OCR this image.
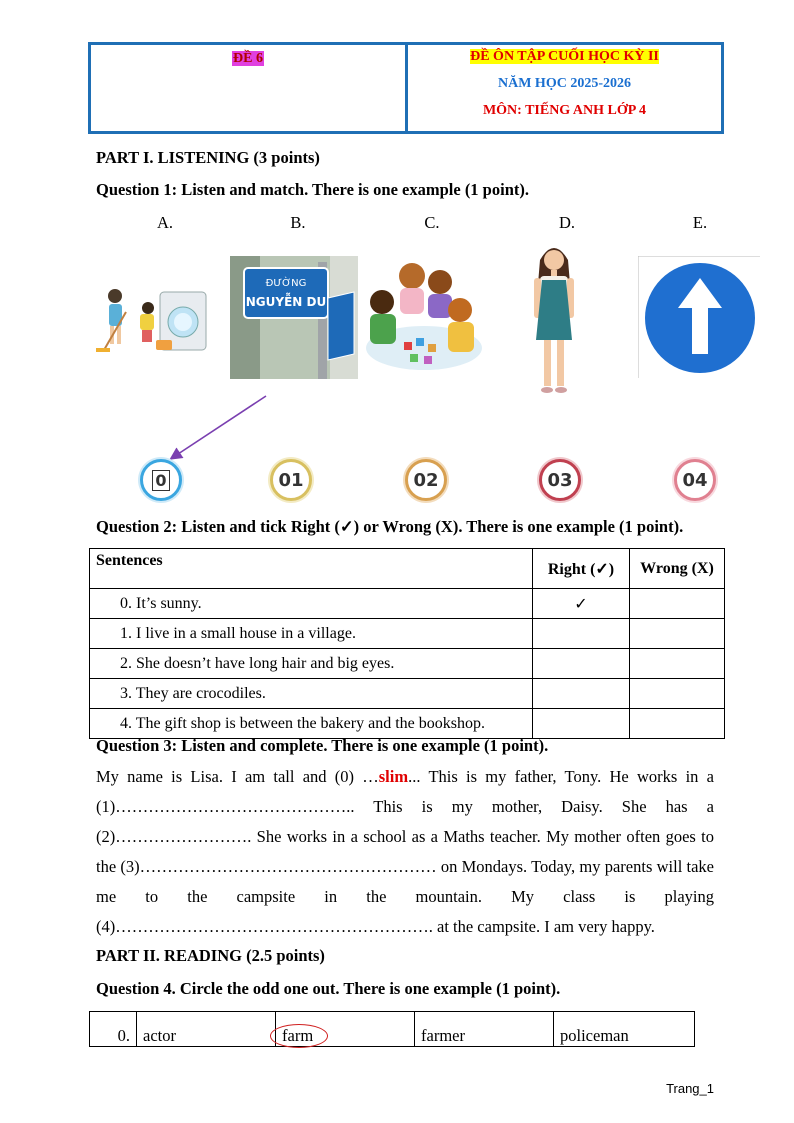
ĐỀ 6	ĐỀ ÔN TẬP CUỐI HỌC KỲ II
NĂM HỌC 2025-2026
MÔN: TIẾNG ANH LỚP 4
PART I. LISTENING (3 points)
Question 1: Listen and match. There is one example (1 point).
A.	B.	C.	D.	E.
ĐƯỜNG
NGUYỄN DU
0	01	02	03	04
Question 2: Listen and tick Right (✓) or Wrong (X). There is one example (1 point).
Sentences	Right (✓)	Wrong (X)
0. It’s sunny.	✓	
1. I live in a small house in a village.		
2. She doesn’t have long hair and big eyes.		
3. They are crocodiles.		
4. The gift shop is between the bakery and the bookshop.		
Question 3: Listen and complete. There is one example (1 point).
My name is Lisa. I am tall and (0) …slim... This is my father, Tony. He works in a (1)…………………………………….. This is my mother, Daisy. She has a (2)……………………. She works in a school as a Maths teacher. My mother often goes to the (3)……………………………………………… on Mondays. Today, my parents will take me to the campsite in the mountain. My class is playing (4)…………………………………………………. at the campsite. I am very happy.
PART II. READING (2.5 points)
Question 4. Circle the odd one out. There is one example (1 point).
0.	actor	farm	farmer	policeman
Trang_1
